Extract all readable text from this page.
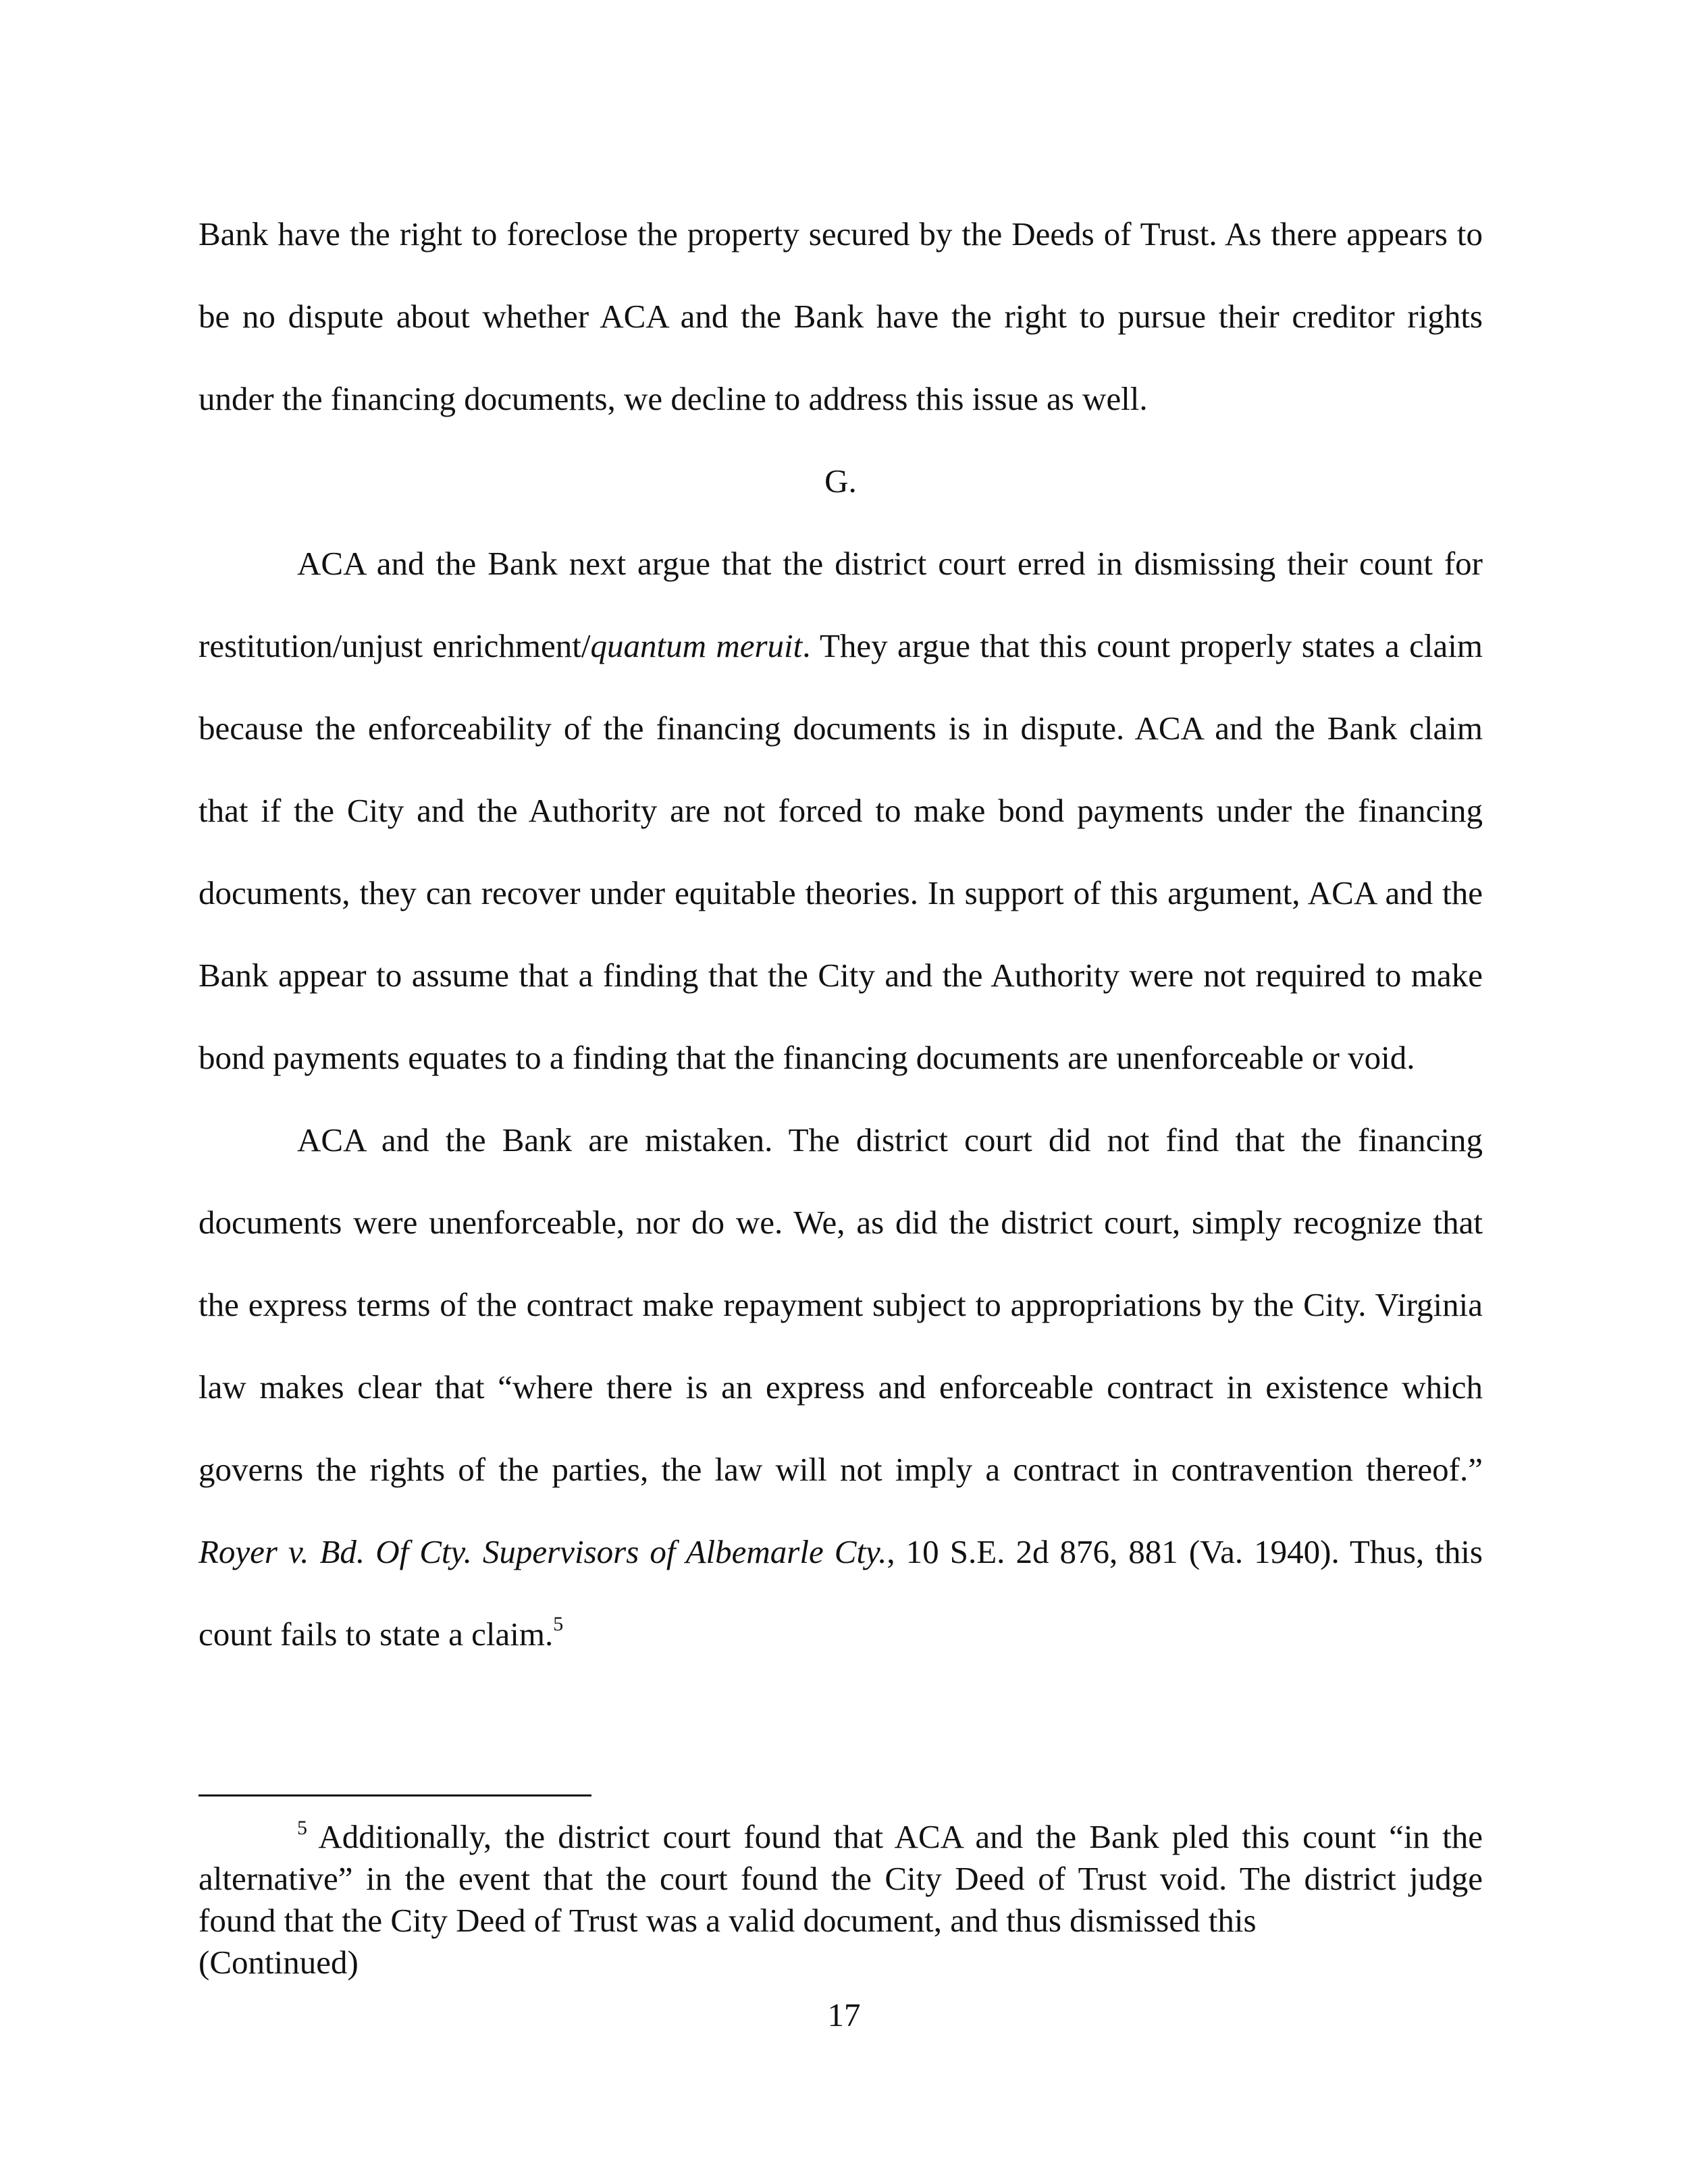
Bank have the right to foreclose the property secured by the Deeds of Trust. As there appears to be no dispute about whether ACA and the Bank have the right to pursue their creditor rights under the financing documents, we decline to address this issue as well.

G.

ACA and the Bank next argue that the district court erred in dismissing their count for restitution/unjust enrichment/quantum meruit. They argue that this count properly states a claim because the enforceability of the financing documents is in dispute. ACA and the Bank claim that if the City and the Authority are not forced to make bond payments under the financing documents, they can recover under equitable theories. In support of this argument, ACA and the Bank appear to assume that a finding that the City and the Authority were not required to make bond payments equates to a finding that the financing documents are unenforceable or void.

ACA and the Bank are mistaken. The district court did not find that the financing documents were unenforceable, nor do we. We, as did the district court, simply recognize that the express terms of the contract make repayment subject to appropriations by the City. Virginia law makes clear that “where there is an express and enforceable contract in existence which governs the rights of the parties, the law will not imply a contract in contravention thereof.” Royer v. Bd. Of Cty. Supervisors of Albemarle Cty., 10 S.E. 2d 876, 881 (Va. 1940). Thus, this count fails to state a claim.$^5$

$^5$ Additionally, the district court found that ACA and the Bank pled this count “in the alternative” in the event that the court found the City Deed of Trust void. The district judge found that the City Deed of Trust was a valid document, and thus dismissed this
(Continued)

17
